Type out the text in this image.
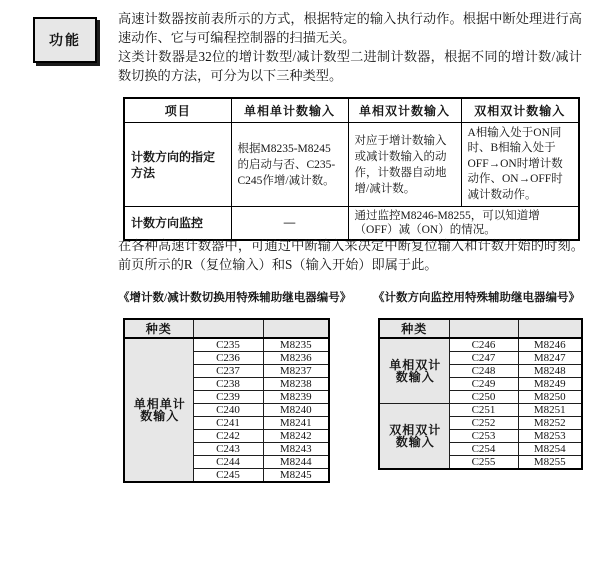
功能

高速计数器按前表所示的方式，根据特定的输入执行动作。根据中断处理进行高速动作、它与可编程控制器的扫描无关。

这类计数器是32位的增计数型/减计数型二进制计数器，根据不同的增计数/减计数切换的方法，可分为以下三种类型。

项目	单相单计数输入	单相双计数输入	双相双计数输入
计数方向的指定方法	根据M8235-M8245的启动与否、C235-C245作增/减计数。	对应于增计数输入或减计数输入的动作，计数器自动地增/减计数。	A相输入处于ON同时、B相输入处于OFF→ON时增计数动作、ON→OFF时减计数动作。
计数方向监控	—	通过监控M8246-M8255，可以知道增（OFF）减（ON）的情况。	

在各种高速计数器中，可通过中断输入来决定中断复位输入和计数开始的时刻。前页所示的R（复位输入）和S（输入开始）即属于此。

《增计数/减计数切换用特殊辅助继电器编号》 《计数方向监控用特殊辅助继电器编号》
种类		
单相单计数输入	C235	M8235
	C236	M8236
	C237	M8237
	C238	M8238
	C239	M8239
	C240	M8240
	C241	M8241
	C242	M8242
	C243	M8243
	C244	M8244
	C245	M8245
种类		
单相双计数输入	C246	M8246
	C247	M8247
	C248	M8248
	C249	M8249
	C250	M8250
双相双计数输入	C251	M8251
	C252	M8252
	C253	M8253
	C254	M8254
	C255	M8255
